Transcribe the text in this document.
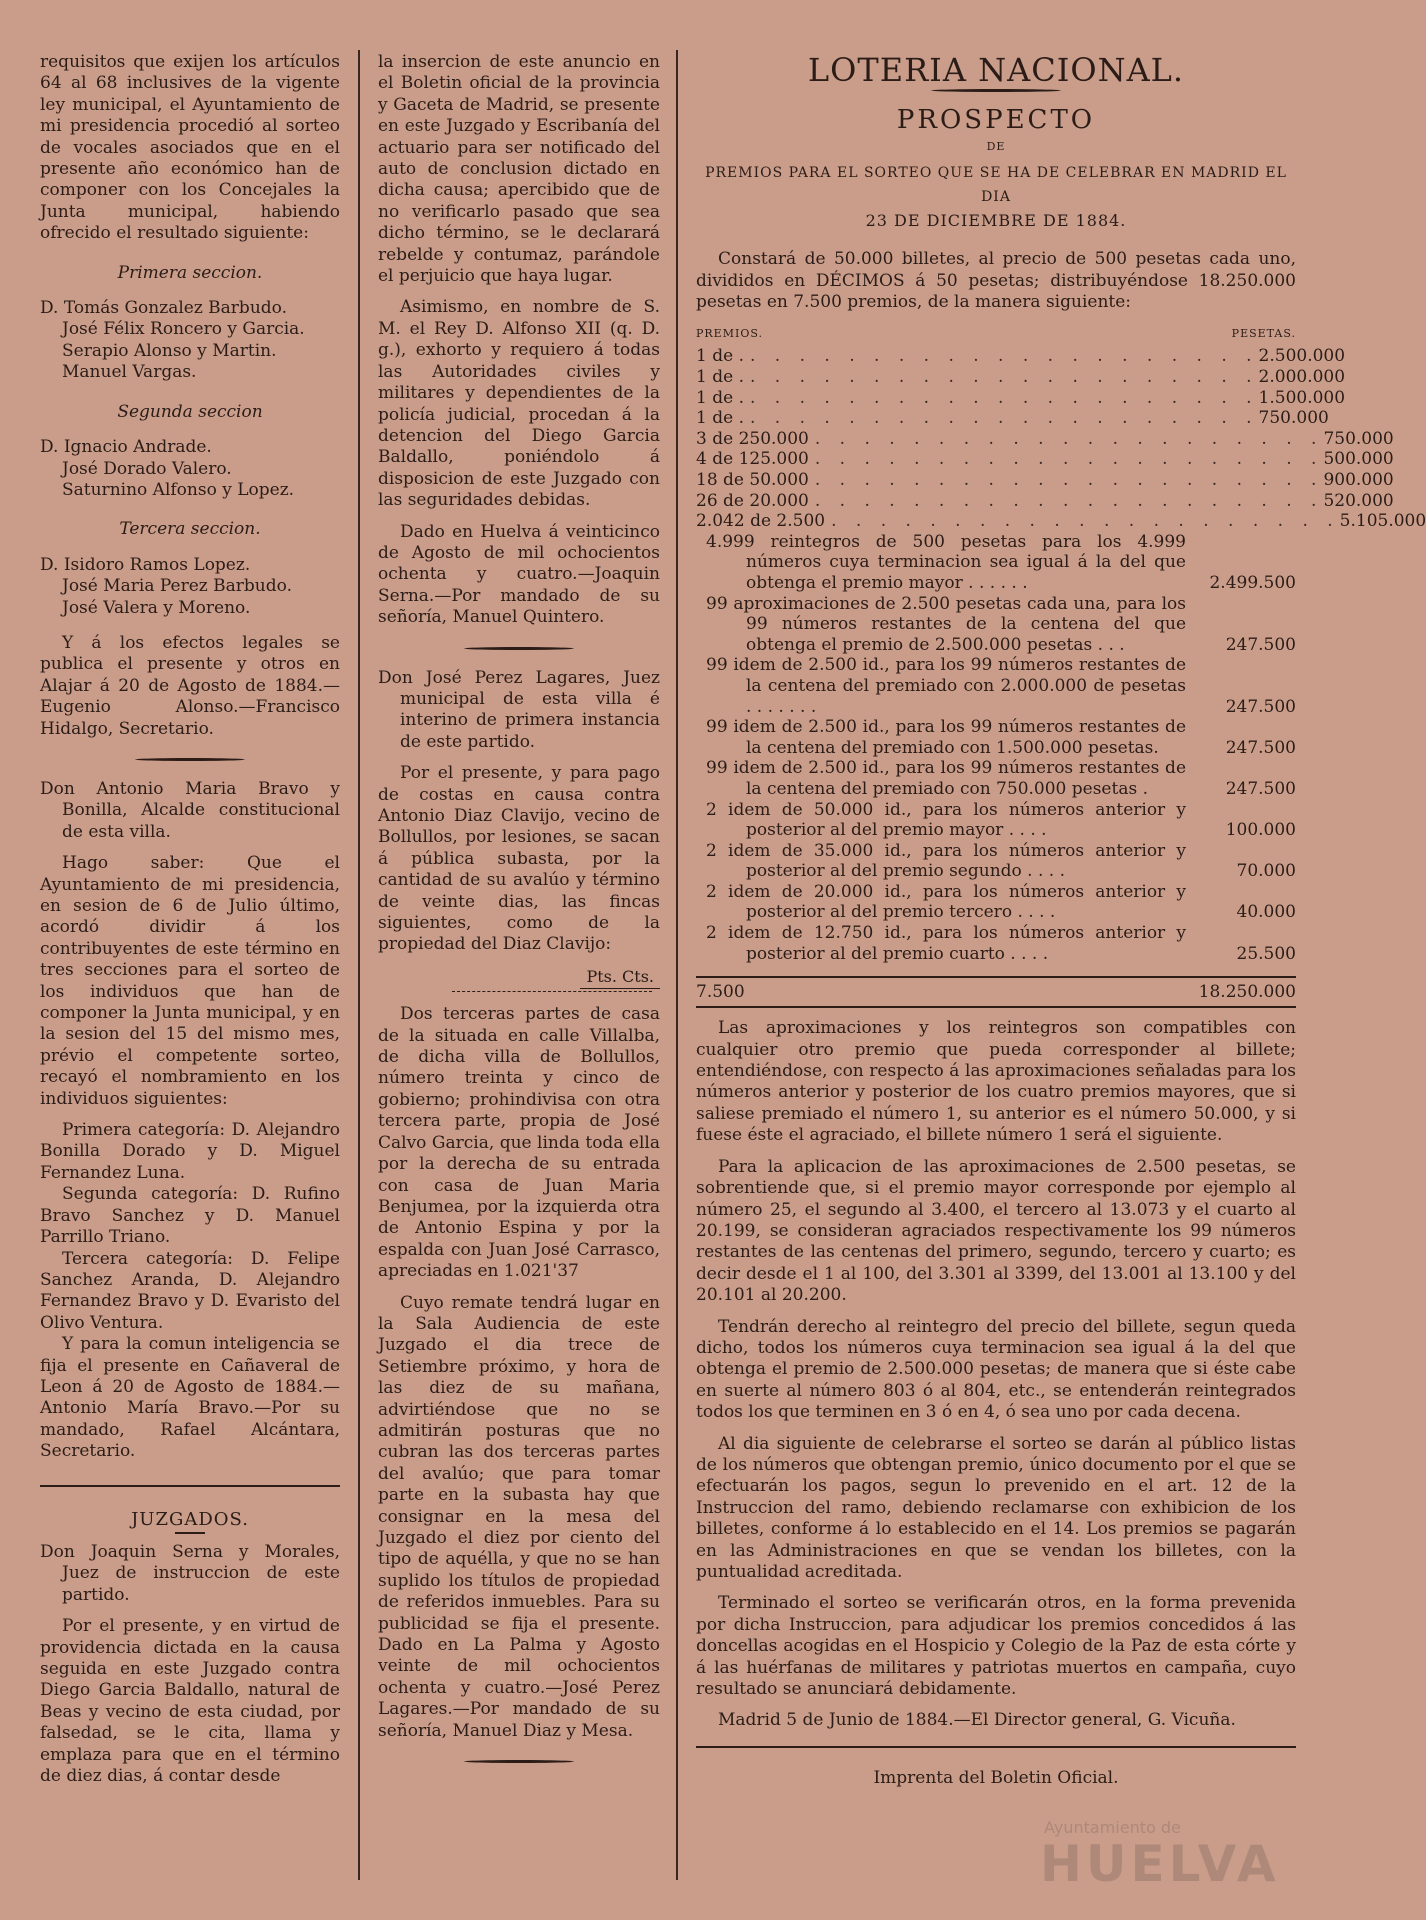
requisitos que exijen los artículos 64 al 68 inclusives de la vigente ley municipal, el Ayuntamiento de mi presidencia procedió al sorteo de vocales asociados que en el presente año económico han de componer con los Concejales la Junta municipal, habiendo ofrecido el resultado siguiente:

Primera seccion.

D. Tomás Gonzalez Barbudo.

José Félix Roncero y Garcia.

Serapio Alonso y Martin.

Manuel Vargas.

Segunda seccion

D. Ignacio Andrade.

José Dorado Valero.

Saturnino Alfonso y Lopez.

Tercera seccion.

D. Isidoro Ramos Lopez.

José Maria Perez Barbudo.

José Valera y Moreno.

Y á los efectos legales se publica el presente y otros en Alajar á 20 de Agosto de 1884.—Eugenio Alonso.—Francisco Hidalgo, Secretario.

Don Antonio Maria Bravo y Bonilla, Alcalde constitucional de esta villa.

Hago saber: Que el Ayuntamiento de mi presidencia, en sesion de 6 de Julio último, acordó dividir á los contribuyentes de este término en tres secciones para el sorteo de los individuos que han de componer la Junta municipal, y en la sesion del 15 del mismo mes, prévio el competente sorteo, recayó el nombramiento en los individuos siguientes:

Primera categoría: D. Alejandro Bonilla Dorado y D. Miguel Fernandez Luna.

Segunda categoría: D. Rufino Bravo Sanchez y D. Manuel Parrillo Triano.

Tercera categoría: D. Felipe Sanchez Aranda, D. Alejandro Fernandez Bravo y D. Evaristo del Olivo Ventura.

Y para la comun inteligencia se fija el presente en Cañaveral de Leon á 20 de Agosto de 1884.—Antonio María Bravo.—Por su mandado, Rafael Alcántara, Secretario.

JUZGADOS.

Don Joaquin Serna y Morales, Juez de instruccion de este partido.

Por el presente, y en virtud de providencia dictada en la causa seguida en este Juzgado contra Diego Garcia Baldallo, natural de Beas y vecino de esta ciudad, por falsedad, se le cita, llama y emplaza para que en el término de diez dias, á contar desde

la insercion de este anuncio en el Boletin oficial de la provincia y Gaceta de Madrid, se presente en este Juzgado y Escribanía del actuario para ser notificado del auto de conclusion dictado en dicha causa; apercibido que de no verificarlo pasado que sea dicho término, se le declarará rebelde y contumaz, parándole el perjuicio que haya lugar.

Asimismo, en nombre de S. M. el Rey D. Alfonso XII (q. D. g.), exhorto y requiero á todas las Autoridades civiles y militares y dependientes de la policía judicial, procedan á la detencion del Diego Garcia Baldallo, poniéndolo á disposicion de este Juzgado con las seguridades debidas.

Dado en Huelva á veinticinco de Agosto de mil ochocientos ochenta y cuatro.—Joaquin Serna.—Por mandado de su señoría, Manuel Quintero.

Don José Perez Lagares, Juez municipal de esta villa é interino de primera instancia de este partido.

Por el presente, y para pago de costas en causa contra Antonio Diaz Clavijo, vecino de Bollullos, por lesiones, se sacan á pública subasta, por la cantidad de su avalúo y término de veinte dias, las fincas siguientes, como de la propiedad del Diaz Clavijo:

Pts. Cts.

Dos terceras partes de casa de la situada en calle Villalba, de dicha villa de Bollullos, número treinta y cinco de gobierno; prohindivisa con otra tercera parte, propia de José Calvo Garcia, que linda toda ella por la derecha de su entrada con casa de Juan Maria Benjumea, por la izquierda otra de Antonio Espina y por la espalda con Juan José Carrasco, apreciadas en 1.021'37

Cuyo remate tendrá lugar en la Sala Audiencia de este Juzgado el dia trece de Setiembre próximo, y hora de las diez de su mañana, advirtiéndose que no se admitirán posturas que no cubran las dos terceras partes del avalúo; que para tomar parte en la subasta hay que consignar en la mesa del Juzgado el diez por ciento del tipo de aquélla, y que no se han suplido los títulos de propiedad de referidos inmuebles. Para su publicidad se fija el presente. Dado en La Palma y Agosto veinte de mil ochocientos ochenta y cuatro.—José Perez Lagares.—Por mandado de su señoría, Manuel Diaz y Mesa.

LOTERIA NACIONAL.

PROSPECTO

DE

PREMIOS PARA EL SORTEO QUE SE HA DE CELEBRAR EN MADRID EL DIA

23 DE DICIEMBRE DE 1884.

Constará de 50.000 billetes, al precio de 500 pesetas cada uno, divididos en DÉCIMOS á 50 pesetas; distribuyéndose 18.250.000 pesetas en 7.500 premios, de la manera siguiente:

PREMIOS.	PESETAS.
1 de . . . . . . . . . . . . . . . . . . . . . . 2.500.000
1 de . . . . . . . . . . . . . . . . . . . . . . 2.000.000
1 de . . . . . . . . . . . . . . . . . . . . . . 1.500.000
1 de . . . . . . . . . . . . . . . . . . . . . . 750.000
3 de 250.000 . . . . . . . . . . . . . . . . . . . . . 750.000
4 de 125.000 . . . . . . . . . . . . . . . . . . . . . 500.000
18 de 50.000 . . . . . . . . . . . . . . . . . . . . . 900.000
26 de 20.000 . . . . . . . . . . . . . . . . . . . . . 520.000
2.042 de 2.500 . . . . . . . . . . . . . . . . . . . . . 5.105.000
4.999 reintegros de 500 pesetas para los 4.999 números cuya terminacion sea igual á la del que obtenga el premio mayor . . . . . .	2.499.500
99 aproximaciones de 2.500 pesetas cada una, para los 99 números restantes de la centena del que obtenga el premio de 2.500.000 pesetas . . .	247.500
99 idem de 2.500 id., para los 99 números restantes de la centena del premiado con 2.000.000 de pesetas . . . . . . .	247.500
99 idem de 2.500 id., para los 99 números restantes de la centena del premiado con 1.500.000 pesetas.	247.500
99 idem de 2.500 id., para los 99 números restantes de la centena del premiado con 750.000 pesetas .	247.500
2 idem de 50.000 id., para los números anterior y posterior al del premio mayor . . . .	100.000
2 idem de 35.000 id., para los números anterior y posterior al del premio segundo . . . .	70.000
2 idem de 20.000 id., para los números anterior y posterior al del premio tercero . . . .	40.000
2 idem de 12.750 id., para los números anterior y posterior al del premio cuarto . . . .	25.500
7.500	18.250.000

Las aproximaciones y los reintegros son compatibles con cualquier otro premio que pueda corresponder al billete; entendiéndose, con respecto á las aproximaciones señaladas para los números anterior y posterior de los cuatro premios mayores, que si saliese premiado el número 1, su anterior es el número 50.000, y si fuese éste el agraciado, el billete número 1 será el siguiente.

Para la aplicacion de las aproximaciones de 2.500 pesetas, se sobrentiende que, si el premio mayor corresponde por ejemplo al número 25, el segundo al 3.400, el tercero al 13.073 y el cuarto al 20.199, se consideran agraciados respectivamente los 99 números restantes de las centenas del primero, segundo, tercero y cuarto; es decir desde el 1 al 100, del 3.301 al 3399, del 13.001 al 13.100 y del 20.101 al 20.200.

Tendrán derecho al reintegro del precio del billete, segun queda dicho, todos los números cuya terminacion sea igual á la del que obtenga el premio de 2.500.000 pesetas; de manera que si éste cabe en suerte al número 803 ó al 804, etc., se entenderán reintegrados todos los que terminen en 3 ó en 4, ó sea uno por cada decena.

Al dia siguiente de celebrarse el sorteo se darán al público listas de los números que obtengan premio, único documento por el que se efectuarán los pagos, segun lo prevenido en el art. 12 de la Instruccion del ramo, debiendo reclamarse con exhibicion de los billetes, conforme á lo establecido en el 14. Los premios se pagarán en las Administraciones en que se vendan los billetes, con la puntualidad acreditada.

Terminado el sorteo se verificarán otros, en la forma prevenida por dicha Instruccion, para adjudicar los premios concedidos á las doncellas acogidas en el Hospicio y Colegio de la Paz de esta córte y á las huérfanas de militares y patriotas muertos en campaña, cuyo resultado se anunciará debidamente.

Madrid 5 de Junio de 1884.—El Director general, G. Vicuña.

Imprenta del Boletin Oficial.

Ayuntamiento de
HUELVA
